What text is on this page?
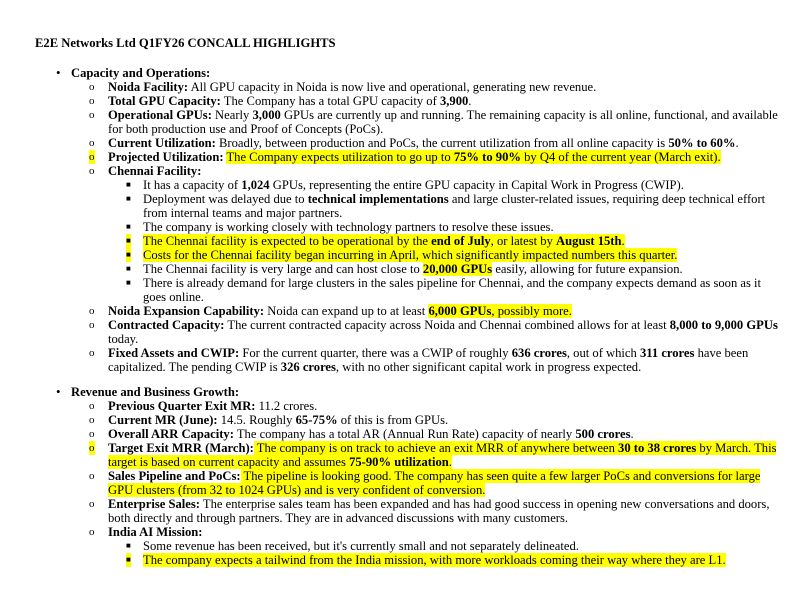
E2E Networks Ltd Q1FY26 CONCALL HIGHLIGHTS
• Capacity and Operations:
o Noida Facility: All GPU capacity in Noida is now live and operational, generating new revenue.
o Total GPU Capacity: The Company has a total GPU capacity of 3,900.
o Operational GPUs: Nearly 3,000 GPUs are currently up and running. The remaining capacity is all online, functional, and available
for both production use and Proof of Concepts (PoCs).
o Current Utilization: Broadly, between production and PoCs, the current utilization from all online capacity is 50% to 60%.
o Projected Utilization: The Company expects utilization to go up to 75% to 90% by Q4 of the current year (March exit).
o Chennai Facility:
■ It has a capacity of 1,024 GPUs, representing the entire GPU capacity in Capital Work in Progress (CWIP).
■ Deployment was delayed due to technical implementations and large cluster-related issues, requiring deep technical effort
from internal teams and major partners.
■ The company is working closely with technology partners to resolve these issues.
■ The Chennai facility is expected to be operational by the end of July, or latest by August 15th.
■ Costs for the Chennai facility began incurring in April, which significantly impacted numbers this quarter.
■ The Chennai facility is very large and can host close to 20,000 GPUs easily, allowing for future expansion.
■ There is already demand for large clusters in the sales pipeline for Chennai, and the company expects demand as soon as it
goes online.
o Noida Expansion Capability: Noida can expand up to at least 6,000 GPUs, possibly more.
o Contracted Capacity: The current contracted capacity across Noida and Chennai combined allows for at least 8,000 to 9,000 GPUs
today.
o Fixed Assets and CWIP: For the current quarter, there was a CWIP of roughly 636 crores, out of which 311 crores have been
capitalized. The pending CWIP is 326 crores, with no other significant capital work in progress expected.
• Revenue and Business Growth:
o Previous Quarter Exit MR: 11.2 crores.
o Current MR (June): 14.5. Roughly 65-75% of this is from GPUs.
o Overall ARR Capacity: The company has a total AR (Annual Run Rate) capacity of nearly 500 crores.
o Target Exit MRR (March): The company is on track to achieve an exit MRR of anywhere between 30 to 38 crores by March. This
target is based on current capacity and assumes 75-90% utilization.
o Sales Pipeline and PoCs: The pipeline is looking good. The company has seen quite a few larger PoCs and conversions for large
GPU clusters (from 32 to 1024 GPUs) and is very confident of conversion.
o Enterprise Sales: The enterprise sales team has been expanded and has had good success in opening new conversations and doors,
both directly and through partners. They are in advanced discussions with many customers.
o India AI Mission:
■ Some revenue has been received, but it's currently small and not separately delineated.
■ The company expects a tailwind from the India mission, with more workloads coming their way where they are L1.
